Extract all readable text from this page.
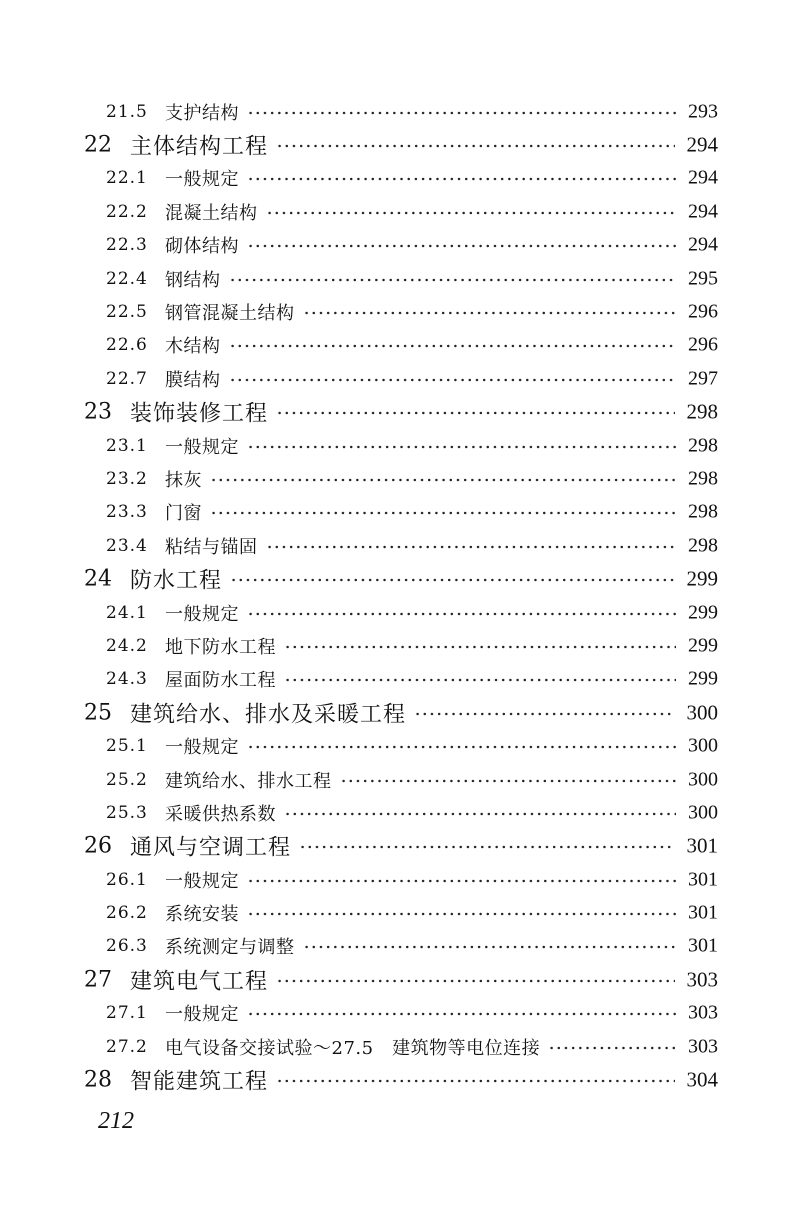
21.5 支护结构	293
22 主体结构工程	294
22.1 一般规定	294
22.2 混凝土结构	294
22.3 砌体结构	294
22.4 钢结构	295
22.5 钢管混凝土结构	296
22.6 木结构	296
22.7 膜结构	297
23 装饰装修工程	298
23.1 一般规定	298
23.2 抹灰	298
23.3 门窗	298
23.4 粘结与锚固	298
24 防水工程	299
24.1 一般规定	299
24.2 地下防水工程	299
24.3 屋面防水工程	299
25 建筑给水、排水及采暖工程	300
25.1 一般规定	300
25.2 建筑给水、排水工程	300
25.3 采暖供热系数	300
26 通风与空调工程	301
26.1 一般规定	301
26.2 系统安装	301
26.3 系统测定与调整	301
27 建筑电气工程	303
27.1 一般规定	303
27.2 电气设备交接试验～27.5　建筑物等电位连接	303
28 智能建筑工程	304
212
